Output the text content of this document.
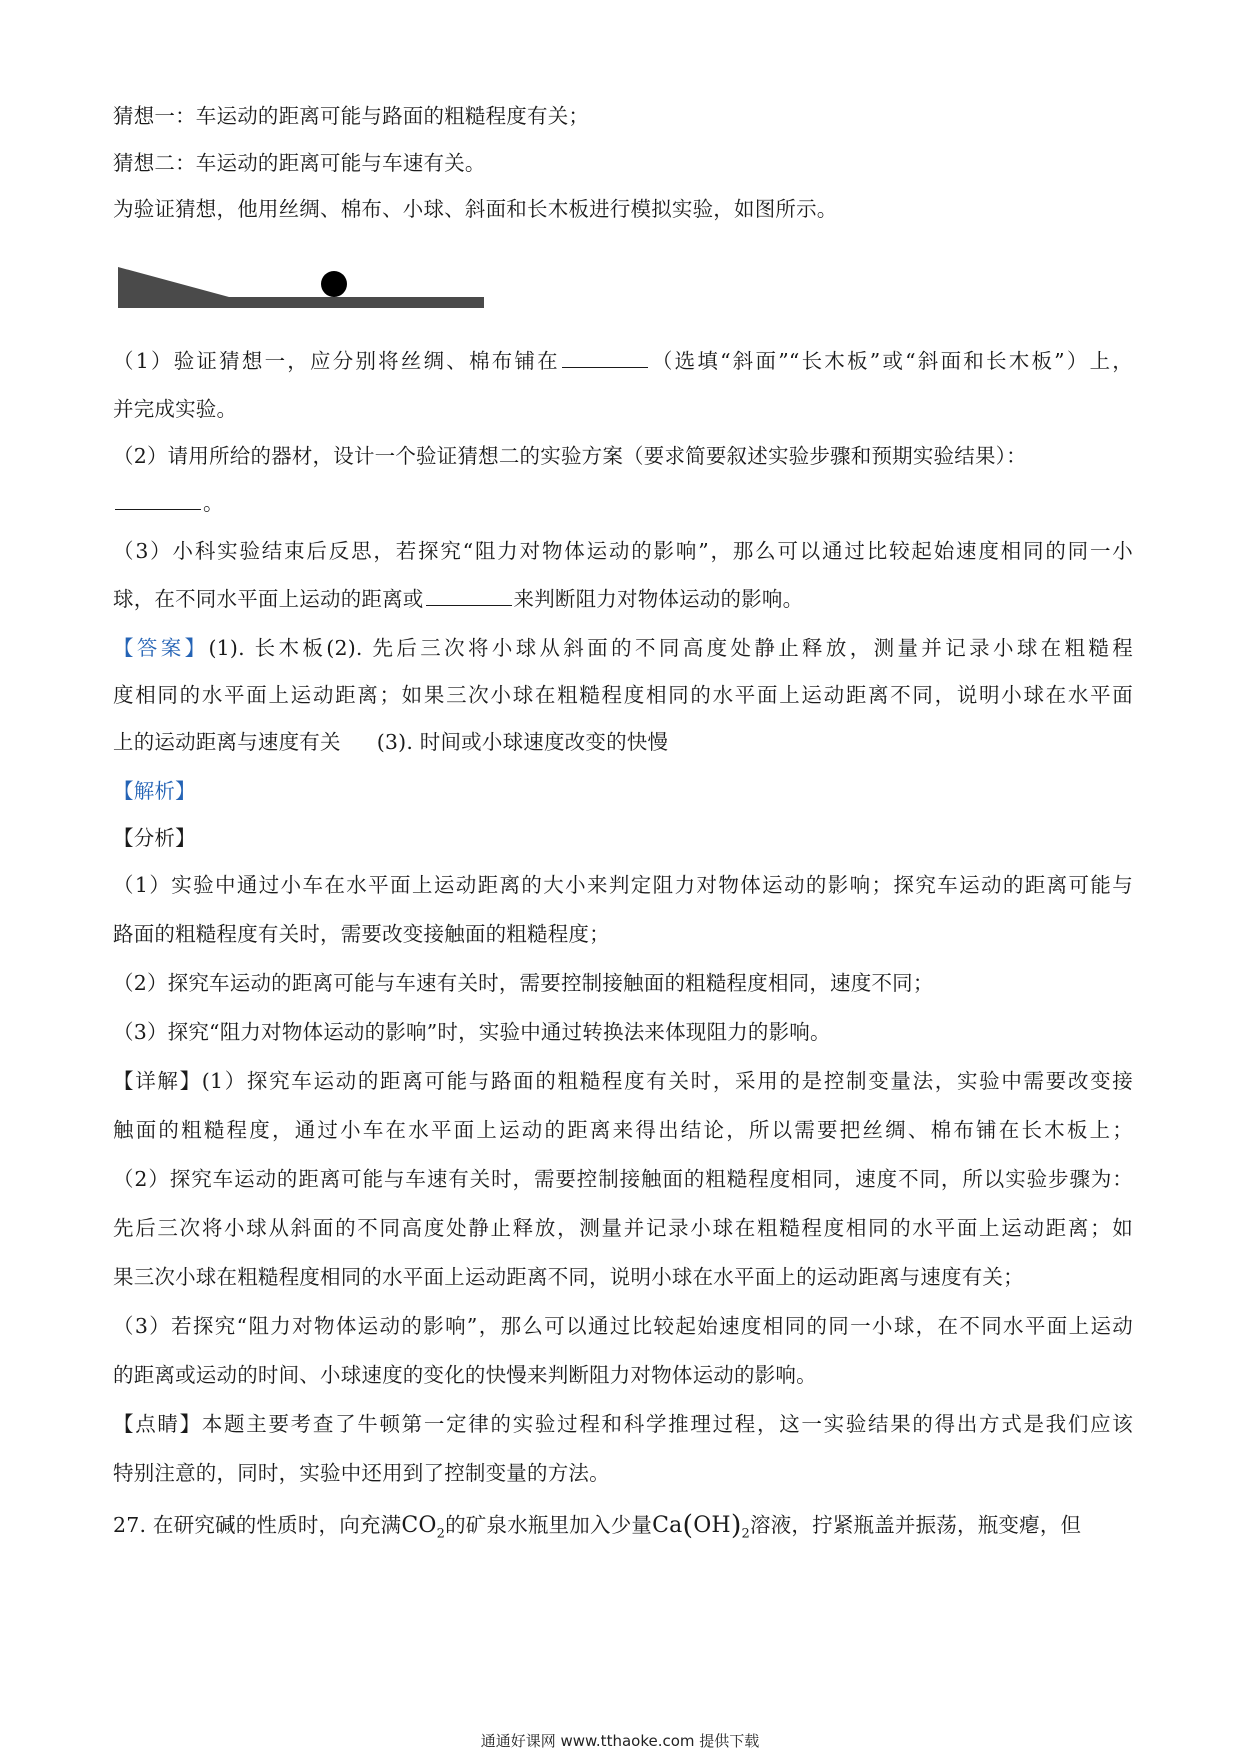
猜想一：车运动的距离可能与路面的粗糙程度有关；
猜想二：车运动的距离可能与车速有关。
为验证猜想，他用丝绸、棉布、小球、斜面和长木板进行模拟实验，如图所示。
（1）验证猜想一，应分别将丝绸、棉布铺在	（选填“斜面”“长木板”或“斜面和长木板”）上，
并完成实验。
（2）请用所给的器材，设计一个验证猜想二的实验方案（要求简要叙述实验步骤和预期实验结果）：
。
（3）小科实验结束后反思，若探究“阻力对物体运动的影响”，那么可以通过比较起始速度相同的同一小
球，在不同水平面上运动的距离或	来判断阻力对物体运动的影响。
【答案】(1). 长木板(2). 先后三次将小球从斜面的不同高度处静止释放，测量并记录小球在粗糙程
度相同的水平面上运动距离；如果三次小球在粗糙程度相同的水平面上运动距离不同，说明小球在水平面
上的运动距离与速度有关 (3). 时间或小球速度改变的快慢
【解析】
【分析】
（1）实验中通过小车在水平面上运动距离的大小来判定阻力对物体运动的影响；探究车运动的距离可能与
路面的粗糙程度有关时，需要改变接触面的粗糙程度；
（2）探究车运动的距离可能与车速有关时，需要控制接触面的粗糙程度相同，速度不同；
（3）探究“阻力对物体运动的影响”时，实验中通过转换法来体现阻力的影响。
【详解】(1）探究车运动的距离可能与路面的粗糙程度有关时，采用的是控制变量法，实验中需要改变接
触面的粗糙程度，通过小车在水平面上运动的距离来得出结论，所以需要把丝绸、棉布铺在长木板上；
（2）探究车运动的距离可能与车速有关时，需要控制接触面的粗糙程度相同，速度不同，所以实验步骤为：
先后三次将小球从斜面的不同高度处静止释放，测量并记录小球在粗糙程度相同的水平面上运动距离；如
果三次小球在粗糙程度相同的水平面上运动距离不同，说明小球在水平面上的运动距离与速度有关；
（3）若探究“阻力对物体运动的影响”，那么可以通过比较起始速度相同的同一小球，在不同水平面上运动
的距离或运动的时间、小球速度的变化的快慢来判断阻力对物体运动的影响。
【点睛】本题主要考查了牛顿第一定律的实验过程和科学推理过程，这一实验结果的得出方式是我们应该
特别注意的，同时，实验中还用到了控制变量的方法。
27. 在研究碱的性质时，向充满$CO_2$的矿泉水瓶里加入少量$Ca(OH)_2$溶液，拧紧瓶盖并振荡，瓶变瘪，但
通通好课网 www.tthaoke.com 提供下载
